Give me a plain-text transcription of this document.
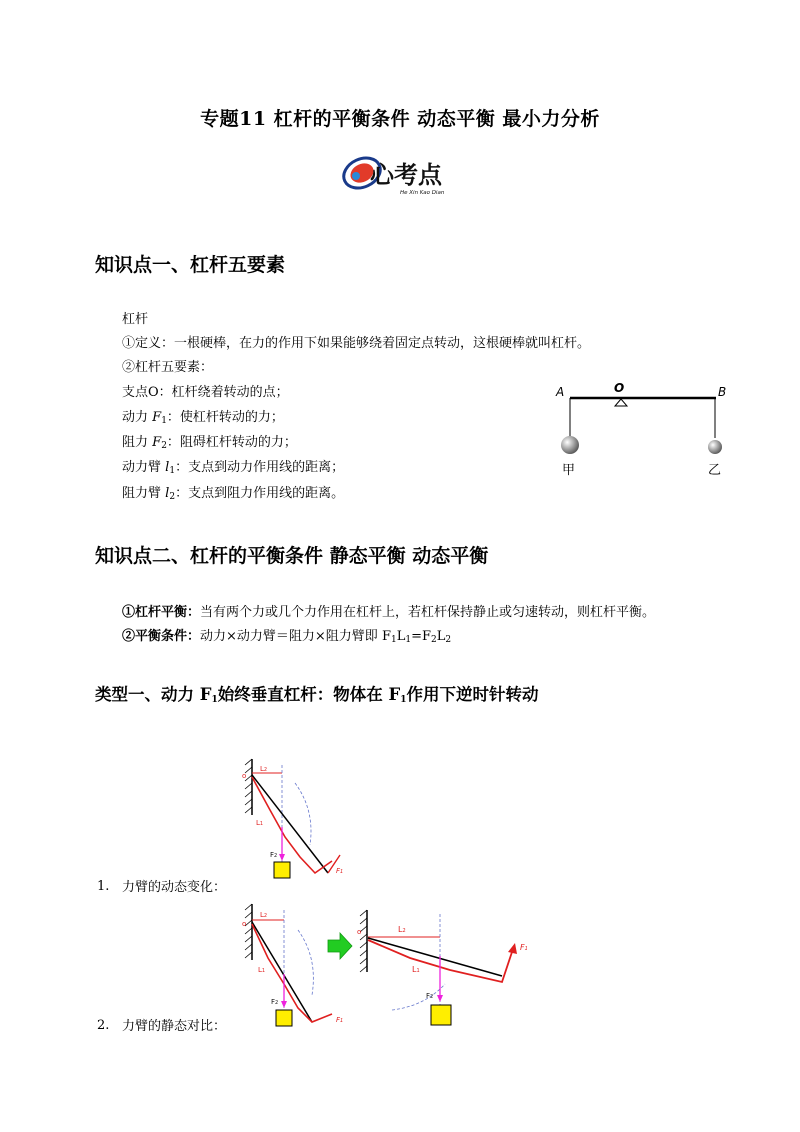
专题11 杠杆的平衡条件 动态平衡 最小力分析
心考点
He Xin Kao Dian
知识点一、杠杆五要素
杠杆
①定义：一根硬棒，在力的作用下如果能够绕着固定点转动，这根硬棒就叫杠杆。
②杠杆五要素：
支点O：杠杆绕着转动的点；
动力 $F_1$：使杠杆转动的力；
阻力 $F_2$：阻碍杠杆转动的力；
动力臂 $l_1$：支点到动力作用线的距离；
阻力臂 $l_2$：支点到阻力作用线的距离。
A	O	B
甲	乙
知识点二、杠杆的平衡条件 静态平衡 动态平衡
①杠杆平衡：当有两个力或几个力作用在杠杆上，若杠杆保持静止或匀速转动，则杠杆平衡。
②平衡条件：动力×动力臂＝阻力×阻力臂即 $F_1L_1=F_2L_2$
类型一、动力 $F_1$始终垂直杠杆：物体在 $F_1$作用下逆时针转动
o
L2
L1
F1
F2
1. 力臂的动态变化：
o
L2
L1
F1
F2
o	L2
L1
F1
F2
2. 力臂的静态对比：
